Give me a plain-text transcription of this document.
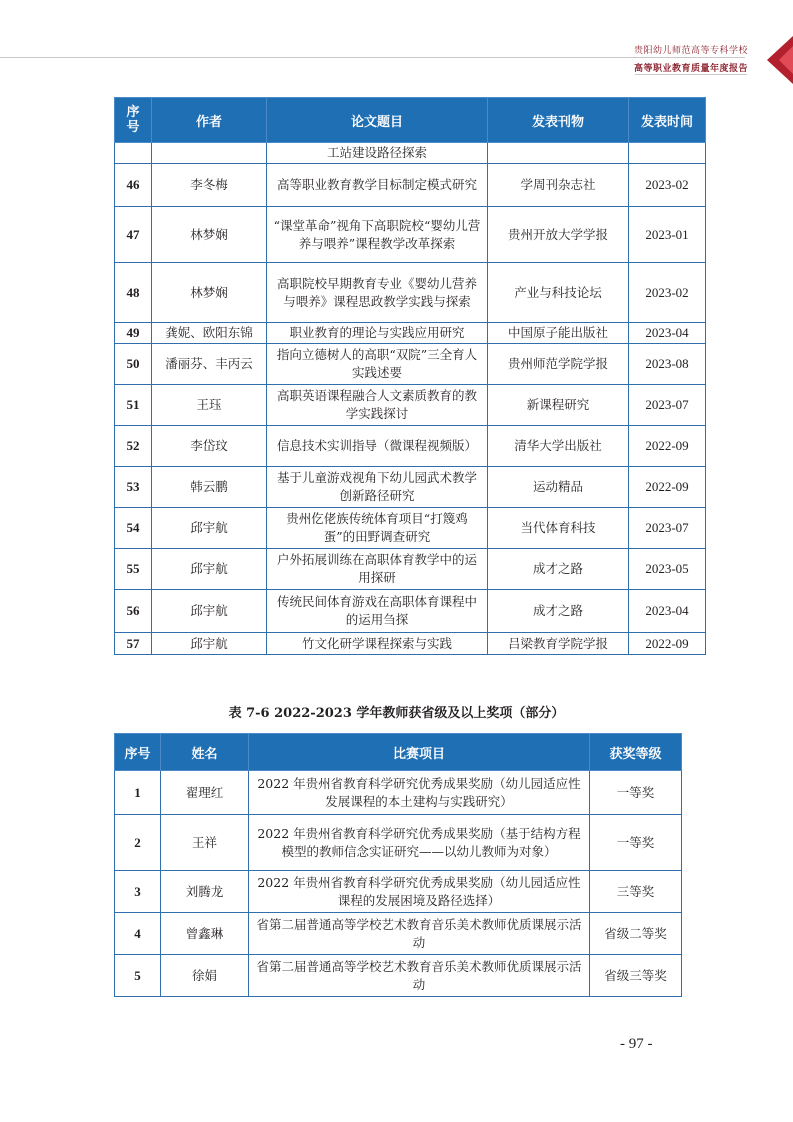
贵阳幼儿师范高等专科学校
高等职业教育质量年度报告
序号	作者	论文题目	发表刊物	发表时间
		工站建设路径探索		
46	李冬梅	高等职业教育教学目标制定模式研究	学周刊杂志社	2023-02
47	林梦娴	“课堂革命”视角下高职院校“婴幼儿营养与喂养”课程教学改革探索	贵州开放大学学报	2023-01
48	林梦娴	高职院校早期教育专业《婴幼儿营养与喂养》课程思政教学实践与探索	产业与科技论坛	2023-02
49	龚妮、欧阳东锦	职业教育的理论与实践应用研究	中国原子能出版社	2023-04
50	潘丽芬、丰丙云	指向立德树人的高职“双院”三全育人实践述要	贵州师范学院学报	2023-08
51	王珏	高职英语课程融合人文素质教育的教学实践探讨	新课程研究	2023-07
52	李岱玟	信息技术实训指导（微课程视频版）	清华大学出版社	2022-09
53	韩云鹏	基于儿童游戏视角下幼儿园武术教学创新路径研究	运动精品	2022-09
54	邱宇航	贵州仡佬族传统体育项目“打篾鸡蛋”的田野调查研究	当代体育科技	2023-07
55	邱宇航	户外拓展训练在高职体育教学中的运用探研	成才之路	2023-05
56	邱宇航	传统民间体育游戏在高职体育课程中的运用刍探	成才之路	2023-04
57	邱宇航	竹文化研学课程探索与实践	吕梁教育学院学报	2022-09
表 7-6 2022-2023 学年教师获省级及以上奖项（部分）
序号	姓名	比赛项目	获奖等级
1	翟理红	2022 年贵州省教育科学研究优秀成果奖励（幼儿园适应性发展课程的本土建构与实践研究）	一等奖
2	王祥	2022 年贵州省教育科学研究优秀成果奖励（基于结构方程模型的教师信念实证研究——以幼儿教师为对象）	一等奖
3	刘腾龙	2022 年贵州省教育科学研究优秀成果奖励（幼儿园适应性课程的发展困境及路径选择）	三等奖
4	曾鑫琳	省第二届普通高等学校艺术教育音乐美术教师优质课展示活动	省级二等奖
5	徐娟	省第二届普通高等学校艺术教育音乐美术教师优质课展示活动	省级三等奖
- 97 -
